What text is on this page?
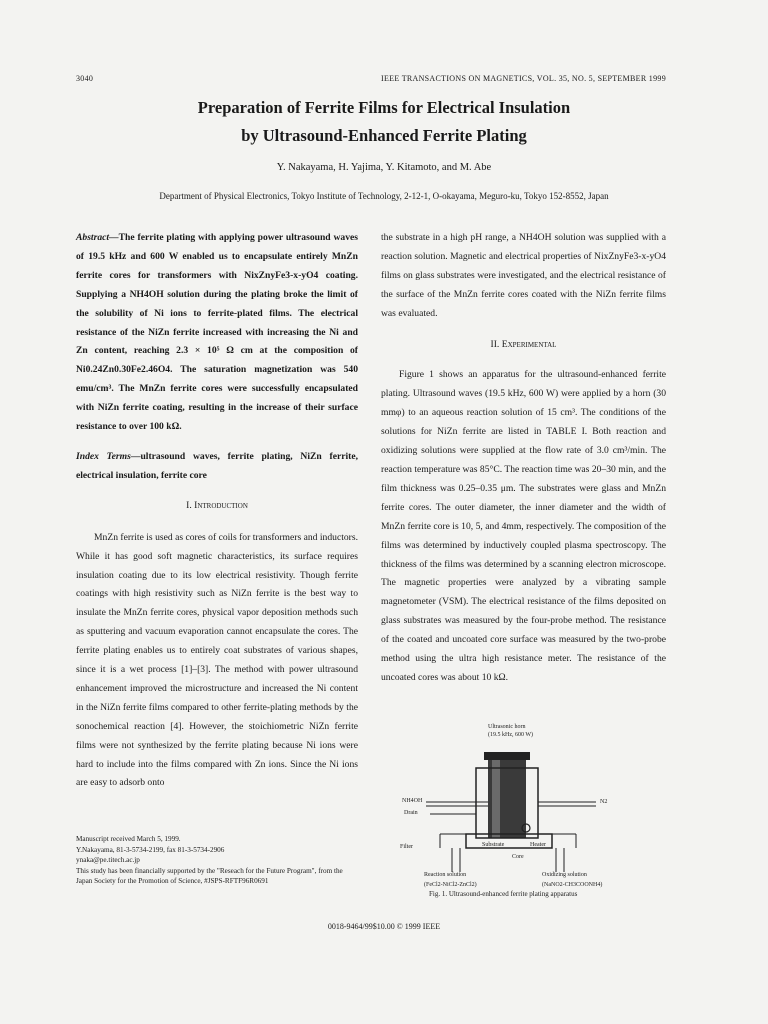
3040	IEEE TRANSACTIONS ON MAGNETICS, VOL. 35, NO. 5, SEPTEMBER 1999
Preparation of Ferrite Films for Electrical Insulation
by Ultrasound-Enhanced Ferrite Plating
Y. Nakayama, H. Yajima, Y. Kitamoto, and M. Abe
Department of Physical Electronics, Tokyo Institute of Technology, 2-12-1, O-okayama, Meguro-ku, Tokyo 152-8552, Japan

Abstract—The ferrite plating with applying power ultrasound waves of 19.5 kHz and 600 W enabled us to encapsulate entirely MnZn ferrite cores for transformers with NixZnyFe3-x-yO4 coating. Supplying a NH4OH solution during the plating broke the limit of the solubility of Ni ions to ferrite-plated films. The electrical resistance of the NiZn ferrite increased with increasing the Ni and Zn content, reaching 2.3 × 10⁵ Ω cm at the composition of Ni0.24Zn0.30Fe2.46O4. The saturation magnetization was 540 emu/cm³. The MnZn ferrite cores were successfully encapsulated with NiZn ferrite coating, resulting in the increase of their surface resistance to over 100 kΩ.

Index Terms—ultrasound waves, ferrite plating, NiZn ferrite, electrical insulation, ferrite core

I. Introduction

MnZn ferrite is used as cores of coils for transformers and inductors. While it has good soft magnetic characteristics, its surface requires insulation coating due to its low electrical resistivity. Though ferrite coatings with high resistivity such as NiZn ferrite is the best way to insulate the MnZn ferrite cores, physical vapor deposition methods such as sputtering and vacuum evaporation cannot encapsulate the cores. The ferrite plating enables us to entirely coat substrates of various shapes, since it is a wet process [1]–[3]. The method with power ultrasound enhancement improved the microstructure and increased the Ni content in the NiZn ferrite films compared to other ferrite-plating methods by the sonochemical reaction [4]. However, the stoichiometric NiZn ferrite films were not synthesized by the ferrite plating because Ni ions were hard to include into the films compared with Zn ions. Since the Ni ions are easy to adsorb onto

Manuscript received March 5, 1999.

Y.Nakayama, 81-3-5734-2199, fax 81-3-5734-2906

ynaka@pe.titech.ac.jp

This study has been financially supported by the "Reseach for the Future Program", from the Japan Society for the Promotion of Science, #JSPS-RFTF96R0691

the substrate in a high pH range, a NH4OH solution was supplied with a reaction solution. Magnetic and electrical properties of NixZnyFe3-x-yO4 films on glass substrates were investigated, and the electrical resistance of the surface of the MnZn ferrite cores coated with the NiZn ferrite films was evaluated.

II. Experimental

Figure 1 shows an apparatus for the ultrasound-enhanced ferrite plating. Ultrasound waves (19.5 kHz, 600 W) were applied by a horn (30 mmφ) to an aqueous reaction solution of 15 cm³. The conditions of the solutions for NiZn ferrite are listed in TABLE I. Both reaction and oxidizing solutions were supplied at the flow rate of 3.0 cm³/min. The reaction temperature was 85°C. The reaction time was 20–30 min, and the film thickness was 0.25–0.35 μm. The substrates were glass and MnZn ferrite cores. The outer diameter, the inner diameter and the width of MnZn ferrite core is 10, 5, and 4mm, respectively. The composition of the films was determined by inductively coupled plasma spectroscopy. The thickness of the films was determined by a scanning electron microscope. The magnetic properties were analyzed by a vibrating sample magnetometer (VSM). The electrical resistance of the films deposited on glass substrates was measured by the four-probe method. The resistance of the coated and uncoated core surface was measured by the two-probe method using the ultra high resistance meter. The resistance of the uncoated cores was about 10 kΩ.

Ultrasonic horn
(19.5 kHz, 600 W)
NH4OH	N2
Drain
Filter	Substrate	Heater
Core
Reaction solution
(FeCl2-NiCl2-ZnCl2)
Oxidizing solution
(NaNO2-CH3COONH4)
Fig. 1. Ultrasound-enhanced ferrite plating apparatus
0018-9464/99$10.00 © 1999 IEEE
